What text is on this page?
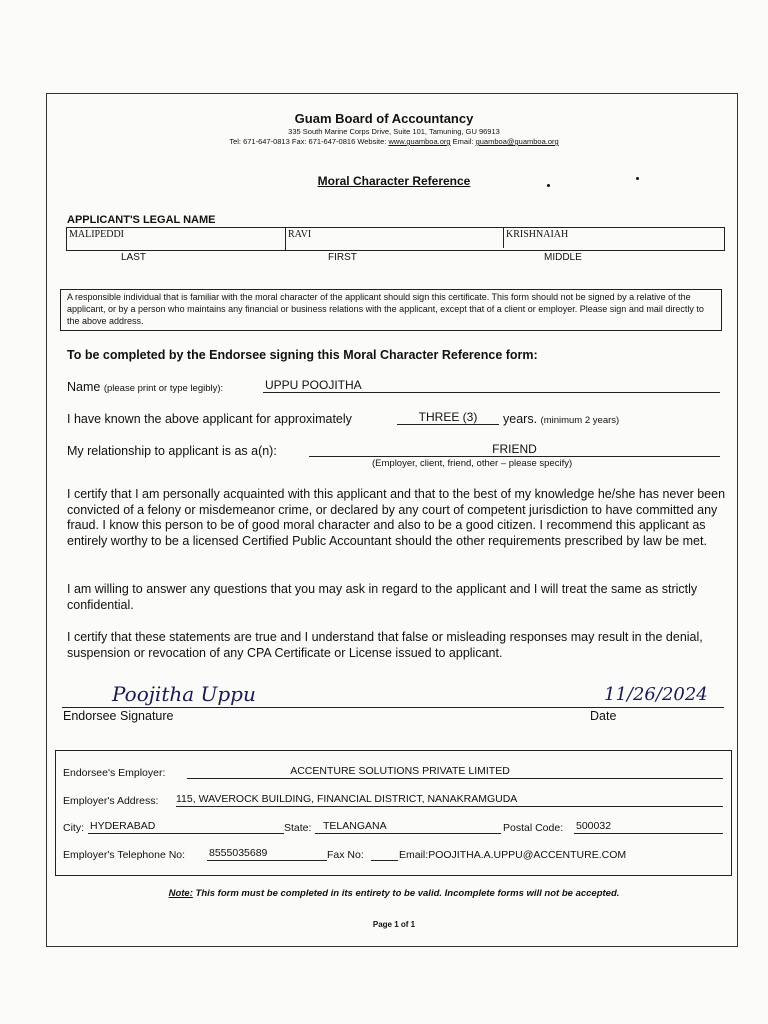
Guam Board of Accountancy
335 South Marine Corps Drive, Suite 101, Tamuning, GU 96913
Tel: 671-647-0813 Fax: 671-647-0816 Website: www.guamboa.org Email: guamboa@guamboa.org
Moral Character Reference
APPLICANT'S LEGAL NAME
MALIPEDDI	RAVI	KRISHNAIAH
LAST	FIRST	MIDDLE
A responsible individual that is familiar with the moral character of the applicant should sign this certificate. This form should not be signed by a relative of the applicant, or by a person who maintains any financial or business relations with the applicant, except that of a client or employer. Please sign and mail directly to the above address.
To be completed by the Endorsee signing this Moral Character Reference form:
Name (please print or type legibly):	UPPU POOJITHA
I have known the above applicant for approximately	THREE (3)	years. (minimum 2 years)
My relationship to applicant is as a(n):	FRIEND
(Employer, client, friend, other – please specify)
I certify that I am personally acquainted with this applicant and that to the best of my knowledge he/she has never been convicted of a felony or misdemeanor crime, or declared by any court of competent jurisdiction to have committed any fraud. I know this person to be of good moral character and also to be a good citizen. I recommend this applicant as entirely worthy to be a licensed Certified Public Accountant should the other requirements prescribed by law be met.
I am willing to answer any questions that you may ask in regard to the applicant and I will treat the same as strictly confidential.
I certify that these statements are true and I understand that false or misleading responses may result in the denial, suspension or revocation of any CPA Certificate or License issued to applicant.
Poojitha Uppu	11/26/2024
Endorsee Signature	Date
Endorsee's Employer:	ACCENTURE SOLUTIONS PRIVATE LIMITED
Employer's Address: 115, WAVEROCK BUILDING, FINANCIAL DISTRICT, NANAKRAMGUDA
City: HYDERABAD	State:	TELANGANA	Postal Code: 500032
Employer's Telephone No: 8555035689	Fax No:	Email:POOJITHA.A.UPPU@ACCENTURE.COM
Note: This form must be completed in its entirety to be valid. Incomplete forms will not be accepted.
Page 1 of 1
